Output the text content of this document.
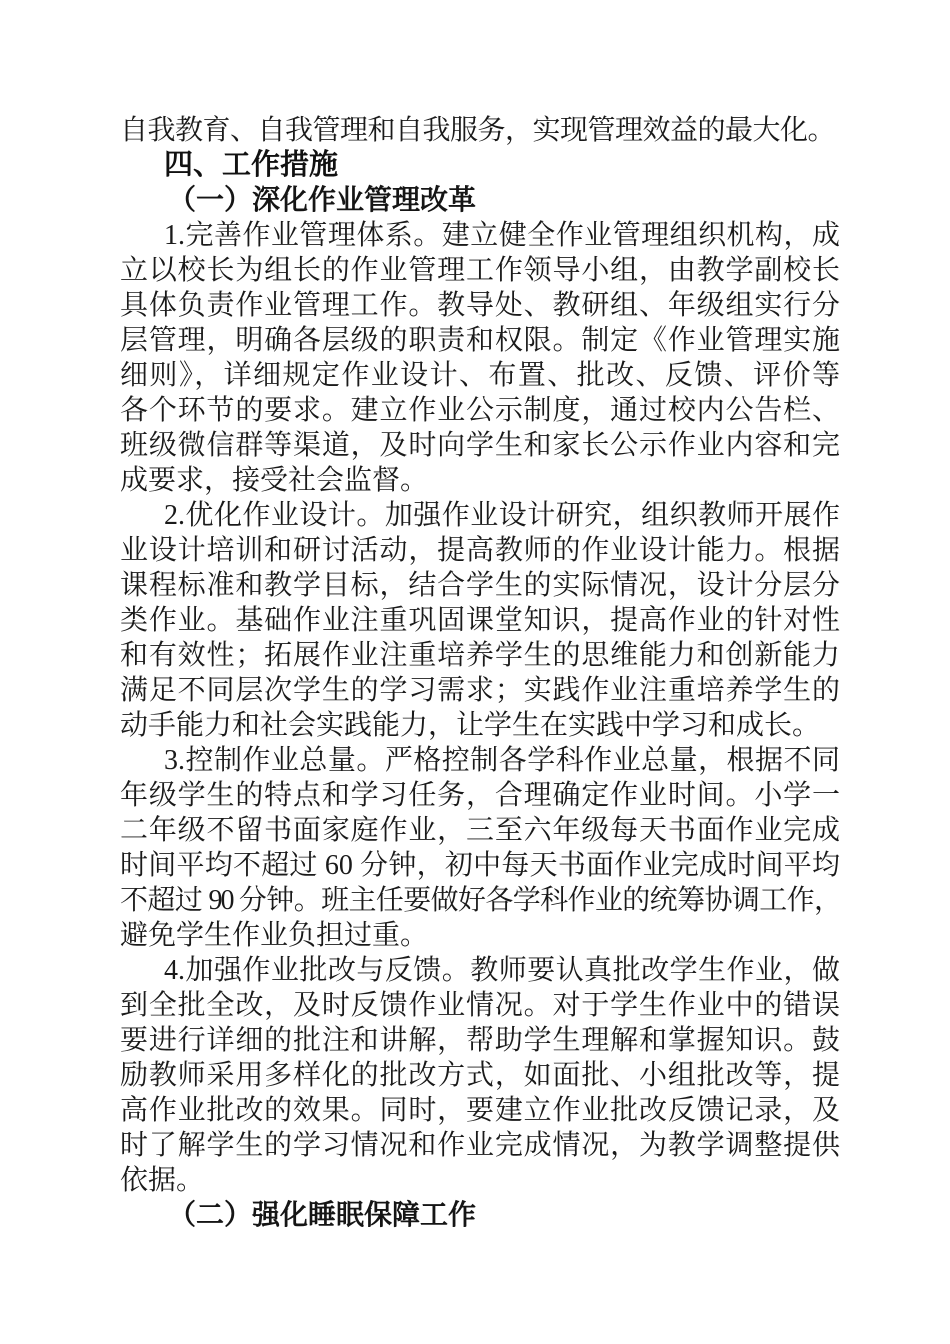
自我教育、自我管理和自我服务，实现管理效益的最大化。
四、工作措施
（一）深化作业管理改革
1.完善作业管理体系。建立健全作业管理组织机构，成
立以校长为组长的作业管理工作领导小组，由教学副校长
具体负责作业管理工作。教导处、教研组、年级组实行分
层管理，明确各层级的职责和权限。制定《作业管理实施
细则》，详细规定作业设计、布置、批改、反馈、评价等
各个环节的要求。建立作业公示制度，通过校内公告栏、
班级微信群等渠道，及时向学生和家长公示作业内容和完
成要求，接受社会监督。
2.优化作业设计。加强作业设计研究，组织教师开展作
业设计培训和研讨活动，提高教师的作业设计能力。根据
课程标准和教学目标，结合学生的实际情况，设计分层分
类作业。基础作业注重巩固课堂知识，提高作业的针对性
和有效性；拓展作业注重培养学生的思维能力和创新能力
满足不同层次学生的学习需求；实践作业注重培养学生的
动手能力和社会实践能力，让学生在实践中学习和成长。
3.控制作业总量。严格控制各学科作业总量，根据不同
年级学生的特点和学习任务，合理确定作业时间。小学一
二年级不留书面家庭作业，三至六年级每天书面作业完成
时间平均不超过 60 分钟，初中每天书面作业完成时间平均
不超过 90 分钟。班主任要做好各学科作业的统筹协调工作，
避免学生作业负担过重。
4.加强作业批改与反馈。教师要认真批改学生作业，做
到全批全改，及时反馈作业情况。对于学生作业中的错误
要进行详细的批注和讲解，帮助学生理解和掌握知识。鼓
励教师采用多样化的批改方式，如面批、小组批改等，提
高作业批改的效果。同时，要建立作业批改反馈记录，及
时了解学生的学习情况和作业完成情况，为教学调整提供
依据。
（二）强化睡眠保障工作
